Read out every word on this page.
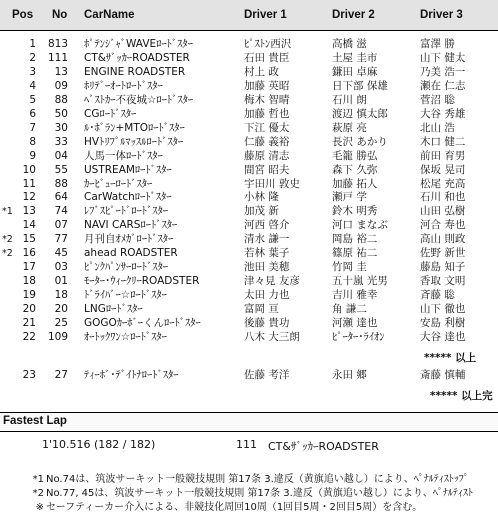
Pos No CarName	Driver 1	Driver 2	Driver 3
1	813 ﾎﾟﾃﾝｼﾞｬﾞWAVEﾛｰﾄﾞｽﾀｰ	ﾋﾟｽﾄﾝ西沢	高橋 滋	富澤 勝
2	111 CT&ｻﾞｯｶｰROADSTER	石田 貴臣	土屋 圭市	山下 健太
3	13 ENGINE ROADSTER	村上 政	鎌田 卓麻	乃美 浩一
4	09 ﾎﾘﾃﾞｰｵｰﾄﾛｰﾄﾞｽﾀｰ	加藤 英昭	日下部 保雄	瀬在 仁志
5	88 ﾍﾞｽﾄｶｰ不夜城☆ﾛｰﾄﾞｽﾀｰ	梅木 智晴	石川 朗	菅沼 聡
6	50 CGﾛｰﾄﾞｽﾀｰ	加藤 哲也	渡辺 慎太郎	大谷 秀雄
7	30 ﾙ･ﾎﾞﾗﾝ+MTOﾛｰﾄﾞｽﾀｰ	下江 優太	萩原 亮	北山 浩
8	33 HVﾄﾘﾌﾟﾙﾏｯｽﾙﾛｰﾄﾞｽﾀｰ	仁藤 義裕	長沢 あかり	木口 健二
9	04 人馬一体ﾛｰﾄﾞｽﾀｰ	藤原 清志	毛籠 勝弘	前田 育男
10	55 USTREAMﾛｰﾄﾞｽﾀｰ	間宮 昭夫	森下 久弥	保坂 晃司
11	88 ｶｰﾋﾞｭｰﾛｰﾄﾞｽﾀｰ	宇田川 敦史	加藤 拓人	松尾 充高
12	64 CarWatchﾛｰﾄﾞｽﾀｰ	小林 隆	瀬戸 学	石川 和也
*1 13	74 ﾚﾌﾞｽﾋﾟｰﾄﾞﾛｰﾄﾞｽﾀｰ	加茂 新	鈴木 明秀	山田 弘樹
14	07 NAVI CARSﾛｰﾄﾞｽﾀｰ	河西 啓介	河口 まなぶ	河合 寿也
*2 15	77 月刊自ｵﾒｶﾞﾛｰﾄﾞｽﾀｰ	清水 謙一	岡島 裕二	高山 則政
*2 16	45 ahead ROADSTER	若林 葉子	篠原 祐二	佐野 新世
17	03 ﾋﾟﾝｸﾊﾟﾝｻｰﾛｰﾄﾞｽﾀｰ	池田 美穂	竹岡 圭	藤島 知子
18	01 ﾓｰﾀｰ･ｳｨｰｸﾘｰROADSTER	津々見 友彦	五十嵐 光男	香取 文明
19	18 ﾄﾞﾗｲﾊﾞｰ☆ﾛｰﾄﾞｽﾀｰ	太田 力也	吉川 雅幸	斉藤 聡
20	20 LNGﾛｰﾄﾞｽﾀｰ	富岡 亘	角 謙二	山下 徹也
21	25 GOGOｶｰﾎﾞｰくんﾛｰﾄﾞｽﾀｰ	後藤 貴功	河瀬 達也	安島 利樹
22	109 ｵｰﾄｯｸﾜﾝ☆ﾛｰﾄﾞｽﾀｰ	八木 大三朗	ﾋﾟｰﾀｰ･ﾗｲｵﾝ	大谷 達也
***** 以上
23	27 ﾃｨｰﾎﾞ･ﾃﾞｲﾄﾅﾛｰﾄﾞｽﾀｰ	佐藤 考洋	永田 郷	斎藤 慎輔
***** 以上完
Fastest Lap
1'10.516 (182 / 182)	111 CT&ｻﾞｯｶｰROADSTER
*1 No.74は、筑波サーキット一般競技規則 第17条 3.違反（黄旗追い越し）により、ﾍﾟﾅﾙﾃｨｽﾄｯﾌﾟ
*2 No.77, 45は、筑波サーキット一般競技規則 第17条 3.違反（黄旗追い越し）により、ﾍﾟﾅﾙﾃｨｽﾄ
※ セーフティーカー介入による、非競技化周回10周（1回目5周・2回目5周）を含む。
